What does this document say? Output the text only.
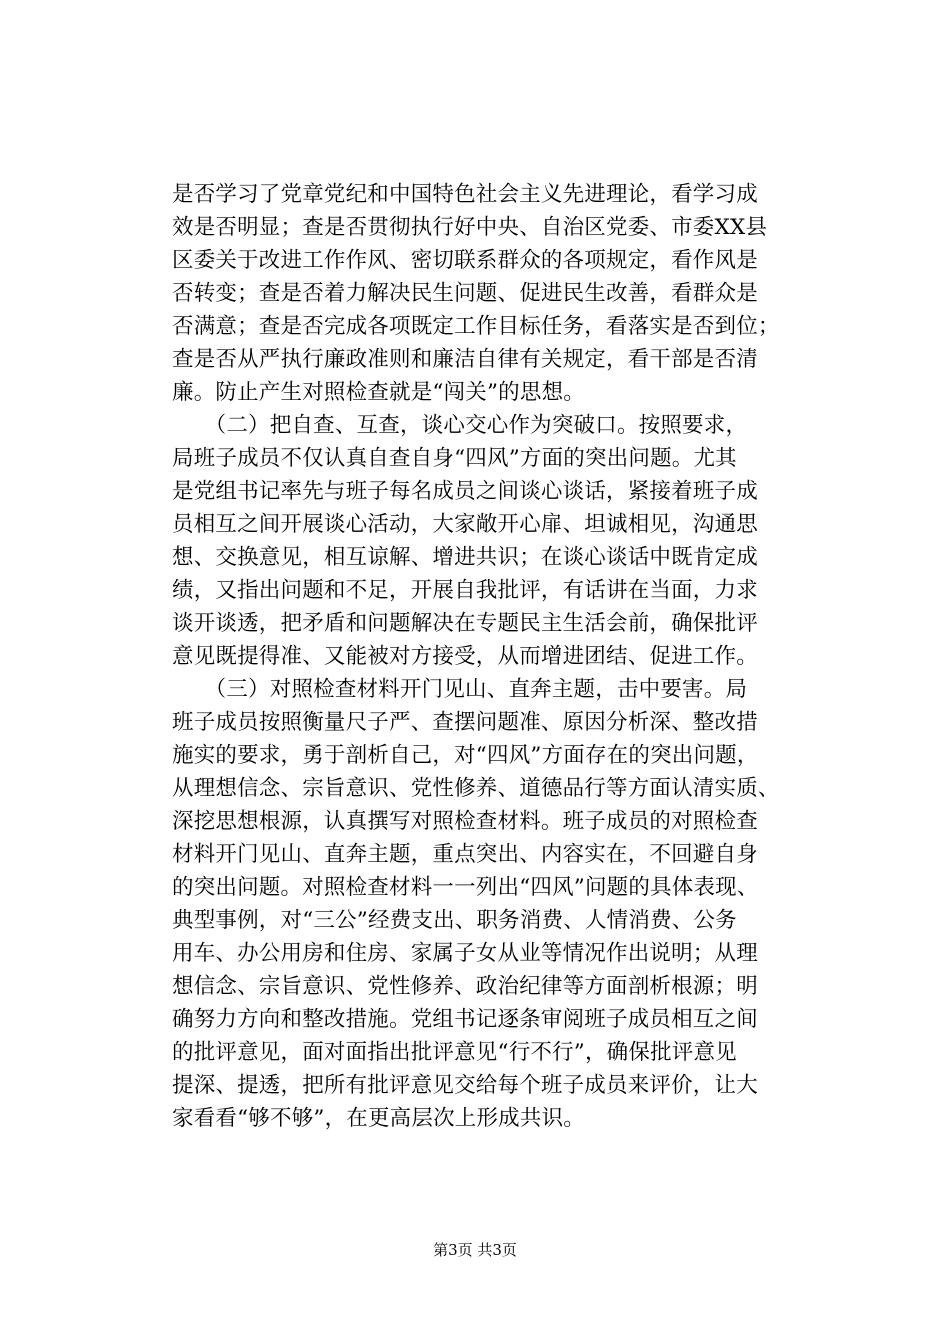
是否学习了党章党纪和中国特色社会主义先进理论，看学习成
效是否明显；查是否贯彻执行好中央、自治区党委、市委XX县
区委关于改进工作作风、密切联系群众的各项规定，看作风是
否转变；查是否着力解决民生问题、促进民生改善，看群众是
否满意；查是否完成各项既定工作目标任务，看落实是否到位；
查是否从严执行廉政准则和廉洁自律有关规定，看干部是否清
廉。防止产生对照检查就是“闯关”的思想。
　　（二）把自查、互查，谈心交心作为突破口。按照要求，
局班子成员不仅认真自查自身“四风”方面的突出问题。尤其
是党组书记率先与班子每名成员之间谈心谈话，紧接着班子成
员相互之间开展谈心活动，大家敞开心扉、坦诚相见，沟通思
想、交换意见，相互谅解、增进共识；在谈心谈话中既肯定成
绩，又指出问题和不足，开展自我批评，有话讲在当面，力求
谈开谈透，把矛盾和问题解决在专题民主生活会前，确保批评
意见既提得准、又能被对方接受，从而增进团结、促进工作。
　　（三）对照检查材料开门见山、直奔主题，击中要害。局
班子成员按照衡量尺子严、查摆问题准、原因分析深、整改措
施实的要求，勇于剖析自己，对“四风”方面存在的突出问题，
从理想信念、宗旨意识、党性修养、道德品行等方面认清实质、
深挖思想根源，认真撰写对照检查材料。班子成员的对照检查
材料开门见山、直奔主题，重点突出、内容实在，不回避自身
的突出问题。对照检查材料一一列出“四风”问题的具体表现、
典型事例，对“三公”经费支出、职务消费、人情消费、公务
用车、办公用房和住房、家属子女从业等情况作出说明；从理
想信念、宗旨意识、党性修养、政治纪律等方面剖析根源；明
确努力方向和整改措施。党组书记逐条审阅班子成员相互之间
的批评意见，面对面指出批评意见“行不行”，确保批评意见
提深、提透，把所有批评意见交给每个班子成员来评价，让大
家看看“够不够”，在更高层次上形成共识。
第3页 共3页
